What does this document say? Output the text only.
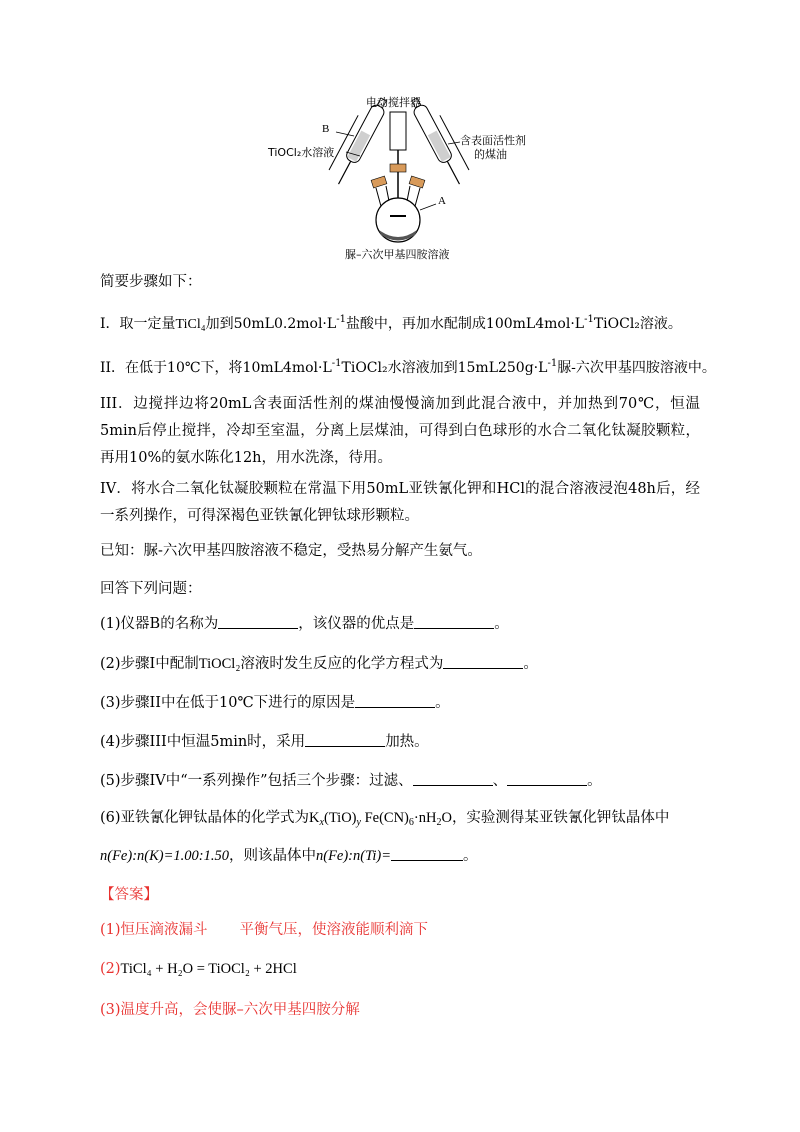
电动搅拌器
B
TiOCl₂水溶液
含表面活性剂
的煤油
A
脲–六次甲基四胺溶液
简要步骤如下：
I．取一定量TiCl₄加到$50mL0.2mol\cdot L^{-1}$盐酸中，再加水配制成$100mL4mol\cdot L^{-1}TiOCl_2$溶液。
II．在低于10℃下，将$10mL4mol\cdot L^{-1}TiOCl_2$水溶液加到$15mL250g\cdot L^{-1}$脲-六次甲基四胺溶液中。
III．边搅拌边将20mL含表面活性剂的煤油慢慢滴加到此混合液中，并加热到70℃，恒温5min后停止搅拌，冷却至室温，分离上层煤油，可得到白色球形的水合二氧化钛凝胶颗粒，再用10%的氨水陈化12h，用水洗涤，待用。
IV．将水合二氧化钛凝胶颗粒在常温下用50mL亚铁氰化钾和HCl的混合溶液浸泡48h后，经一系列操作，可得深褐色亚铁氰化钾钛球形颗粒。
已知：脲-六次甲基四胺溶液不稳定，受热易分解产生氨气。
回答下列问题：
(1)仪器B的名称为	，该仪器的优点是	。
(2)步骤I中配制TiOCl₂溶液时发生反应的化学方程式为	。
(3)步骤II中在低于10℃下进行的原因是	。
(4)步骤III中恒温5min时，采用	加热。
(5)步骤IV中“一系列操作”包括三个步骤：过滤、	、	。
(6)亚铁氰化钾钛晶体的化学式为$K_x(TiO)_y$ $Fe(CN)_6\cdot nH_2O$，实验测得某亚铁氰化钾钛晶体中
n(Fe):n(K)=1.00:1.50，则该晶体中n(Fe):n(Ti)=	。
【答案】
(1)恒压滴液漏斗 平衡气压，使溶液能顺利滴下
(2)TiCl₄ + H₂O = TiOCl₂ + 2HCl
(3)温度升高，会使脲–六次甲基四胺分解
